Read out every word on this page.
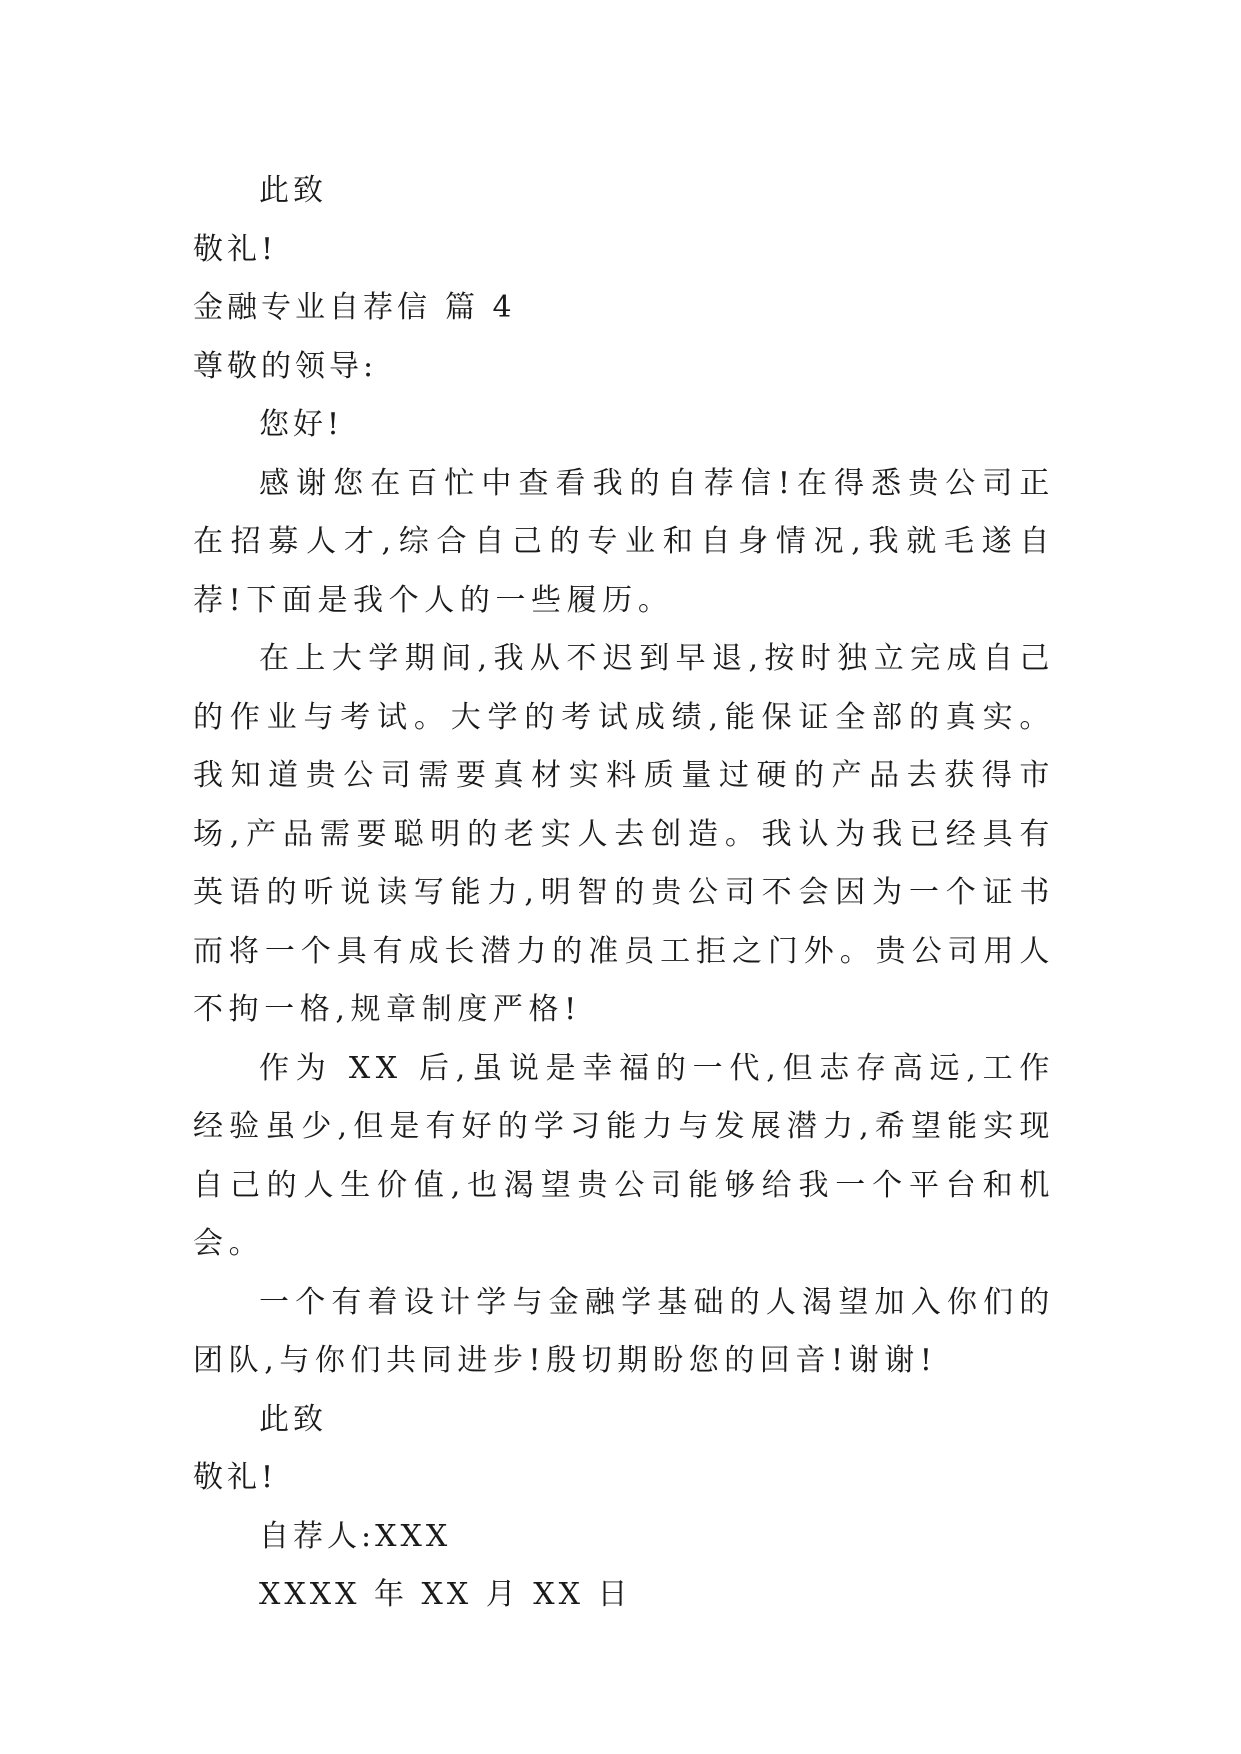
此致
敬礼!
金融专业自荐信 篇 4
尊敬的领导:
您好!
感谢您在百忙中查看我的自荐信!在得悉贵公司正在招募人才,综合自己的专业和自身情况,我就毛遂自荐!下面是我个人的一些履历。
在上大学期间,我从不迟到早退,按时独立完成自己的作业与考试。大学的考试成绩,能保证全部的真实。我知道贵公司需要真材实料质量过硬的产品去获得市场,产品需要聪明的老实人去创造。我认为我已经具有英语的听说读写能力,明智的贵公司不会因为一个证书而将一个具有成长潜力的准员工拒之门外。贵公司用人不拘一格,规章制度严格!
作为 XX 后,虽说是幸福的一代,但志存高远,工作经验虽少,但是有好的学习能力与发展潜力,希望能实现自己的人生价值,也渴望贵公司能够给我一个平台和机会。
一个有着设计学与金融学基础的人渴望加入你们的团队,与你们共同进步!殷切期盼您的回音!谢谢!
此致
敬礼!
自荐人:XXX
XXXX 年 XX 月 XX 日
